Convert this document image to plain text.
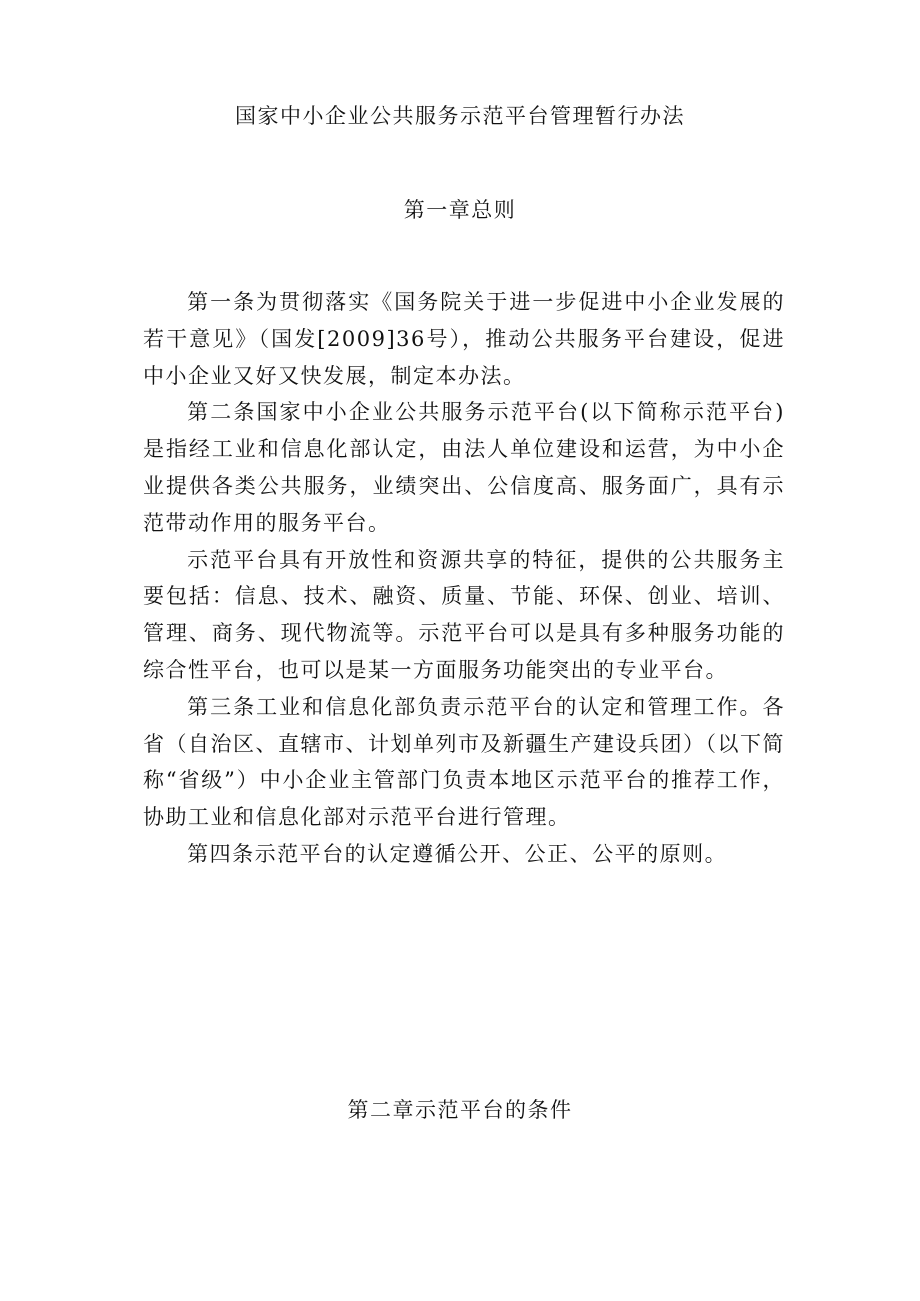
国家中小企业公共服务示范平台管理暂行办法
第一章总则

第一条为贯彻落实《国务院关于进一步促进中小企业发展的若干意见》（国发[2009]36号），推动公共服务平台建设，促进中小企业又好又快发展，制定本办法。

第二条国家中小企业公共服务示范平台(以下简称示范平台)是指经工业和信息化部认定，由法人单位建设和运营，为中小企业提供各类公共服务，业绩突出、公信度高、服务面广，具有示范带动作用的服务平台。

示范平台具有开放性和资源共享的特征，提供的公共服务主要包括：信息、技术、融资、质量、节能、环保、创业、培训、管理、商务、现代物流等。示范平台可以是具有多种服务功能的综合性平台，也可以是某一方面服务功能突出的专业平台。

第三条工业和信息化部负责示范平台的认定和管理工作。各省（自治区、直辖市、计划单列市及新疆生产建设兵团）（以下简称“省级”）中小企业主管部门负责本地区示范平台的推荐工作，协助工业和信息化部对示范平台进行管理。

第四条示范平台的认定遵循公开、公正、公平的原则。

第二章示范平台的条件
